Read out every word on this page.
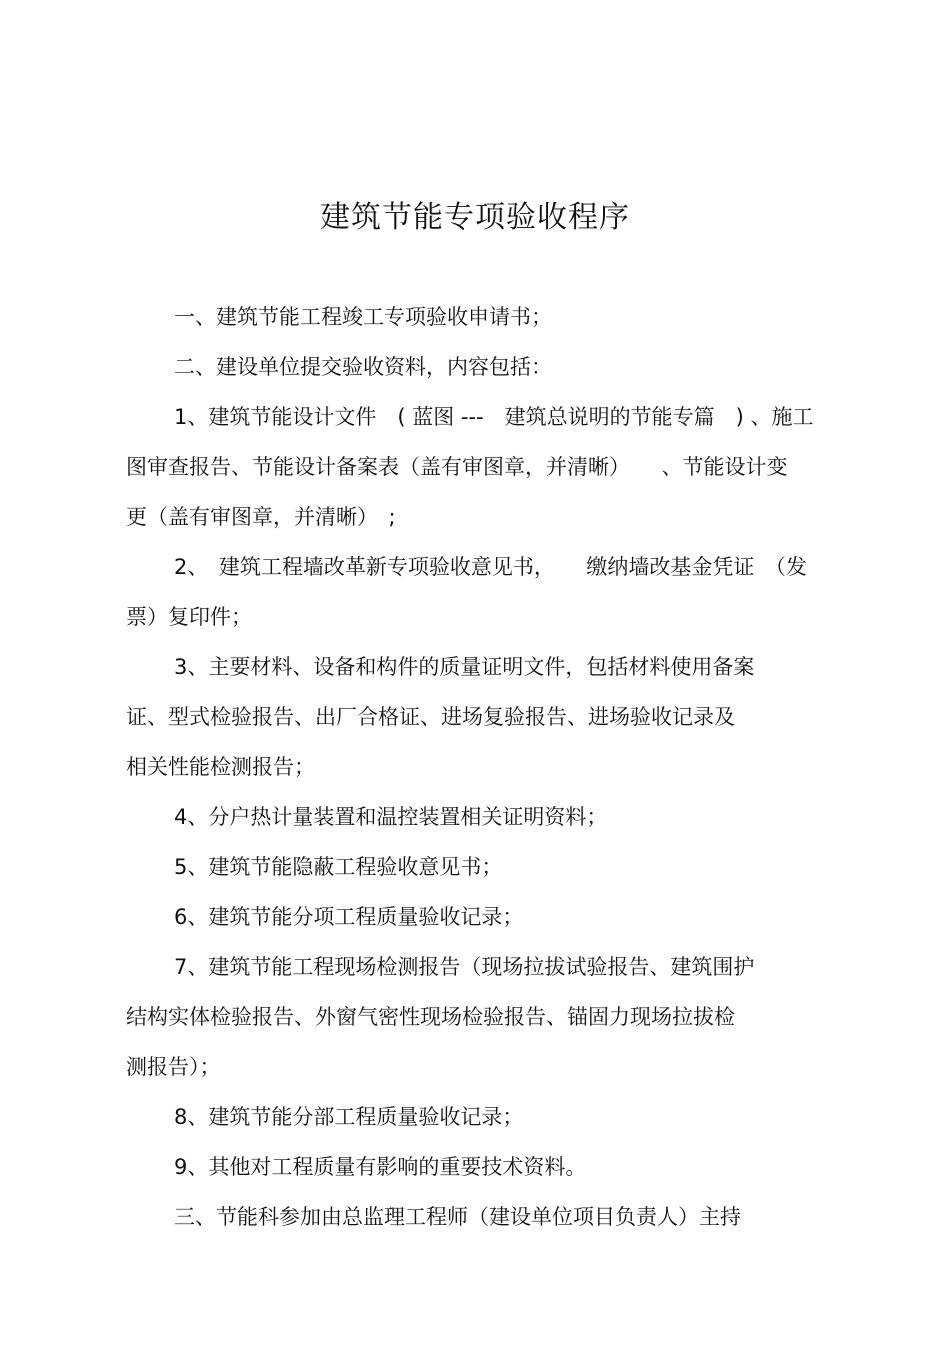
建筑节能专项验收程序
一、建筑节能工程竣工专项验收申请书；
二、建设单位提交验收资料，内容包括：
1、建筑节能设计文件　( 蓝图 ---　建筑总说明的节能专篇　) 、施工
图审查报告、节能设计备案表（盖有审图章，并清晰）　　、节能设计变
更（盖有审图章，并清晰）　;
2、　建筑工程墙改革新专项验收意见书，　　缴纳墙改基金凭证　（发
票）复印件；
3、主要材料、设备和构件的质量证明文件，包括材料使用备案
证、型式检验报告、出厂合格证、进场复验报告、进场验收记录及
相关性能检测报告；
4、分户热计量装置和温控装置相关证明资料；
5、建筑节能隐蔽工程验收意见书；
6、建筑节能分项工程质量验收记录；
7、建筑节能工程现场检测报告（现场拉拔试验报告、建筑围护
结构实体检验报告、外窗气密性现场检验报告、锚固力现场拉拔检
测报告）；
8、建筑节能分部工程质量验收记录；
9、其他对工程质量有影响的重要技术资料。
三、节能科参加由总监理工程师（建设单位项目负责人）主持
